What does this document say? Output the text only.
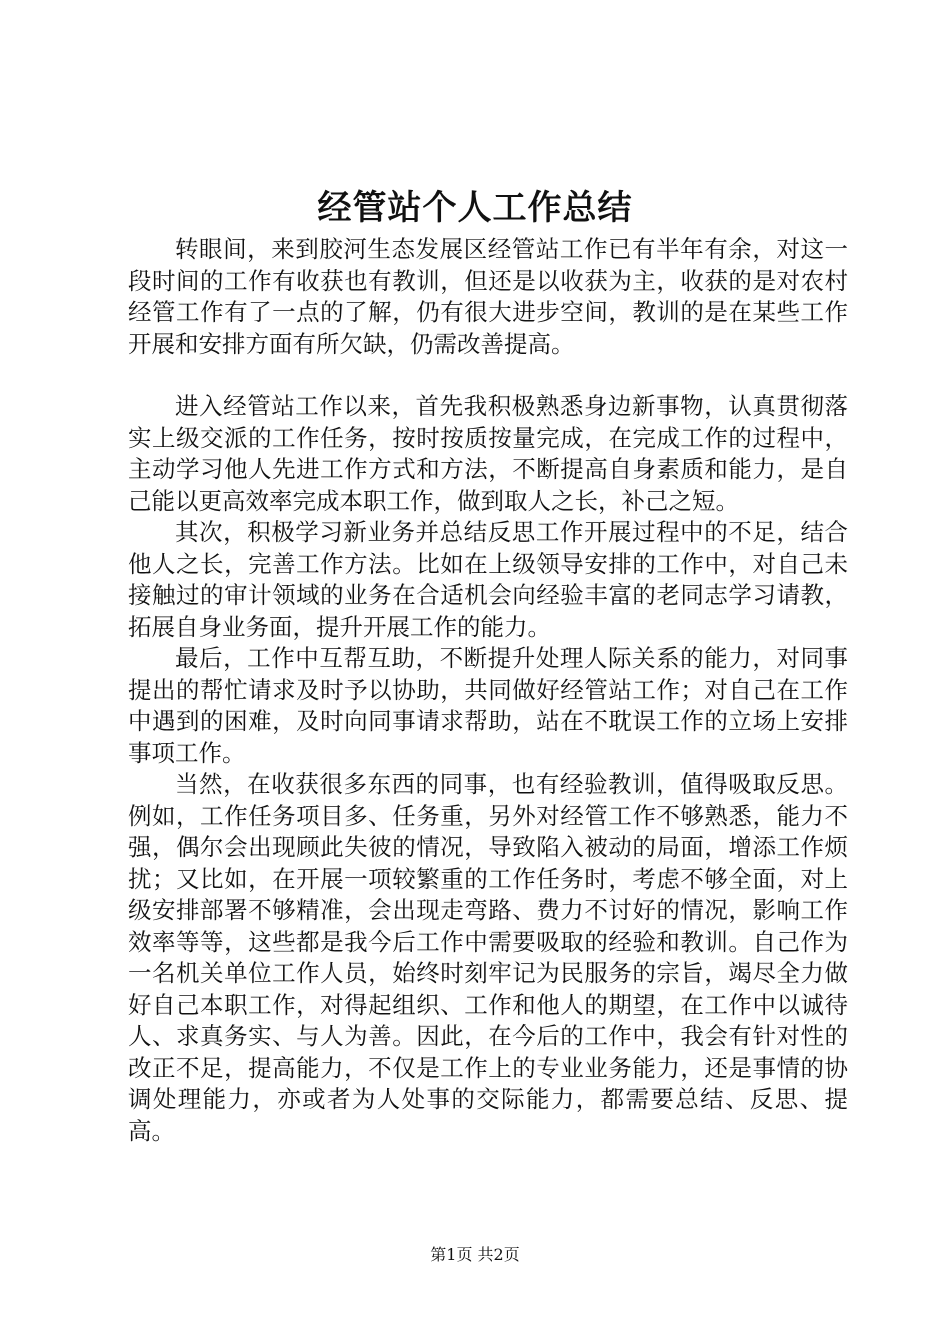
经管站个人工作总结

转眼间，来到胶河生态发展区经管站工作已有半年有余，对这一段时间的工作有收获也有教训，但还是以收获为主，收获的是对农村经管工作有了一点的了解，仍有很大进步空间，教训的是在某些工作开展和安排方面有所欠缺，仍需改善提高。

进入经管站工作以来，首先我积极熟悉身边新事物，认真贯彻落实上级交派的工作任务，按时按质按量完成，在完成工作的过程中，主动学习他人先进工作方式和方法，不断提高自身素质和能力，是自己能以更高效率完成本职工作，做到取人之长，补己之短。

其次，积极学习新业务并总结反思工作开展过程中的不足，结合他人之长，完善工作方法。比如在上级领导安排的工作中，对自己未接触过的审计领域的业务在合适机会向经验丰富的老同志学习请教，拓展自身业务面，提升开展工作的能力。

最后，工作中互帮互助，不断提升处理人际关系的能力，对同事提出的帮忙请求及时予以协助，共同做好经管站工作；对自己在工作中遇到的困难，及时向同事请求帮助，站在不耽误工作的立场上安排事项工作。

当然，在收获很多东西的同事，也有经验教训，值得吸取反思。例如，工作任务项目多、任务重，另外对经管工作不够熟悉，能力不强，偶尔会出现顾此失彼的情况，导致陷入被动的局面，增添工作烦扰；又比如，在开展一项较繁重的工作任务时，考虑不够全面，对上级安排部署不够精准，会出现走弯路、费力不讨好的情况，影响工作效率等等，这些都是我今后工作中需要吸取的经验和教训。自己作为一名机关单位工作人员，始终时刻牢记为民服务的宗旨，竭尽全力做好自己本职工作，对得起组织、工作和他人的期望，在工作中以诚待人、求真务实、与人为善。因此，在今后的工作中，我会有针对性的改正不足，提高能力，不仅是工作上的专业业务能力，还是事情的协调处理能力，亦或者为人处事的交际能力，都需要总结、反思、提高。

第1页 共2页
